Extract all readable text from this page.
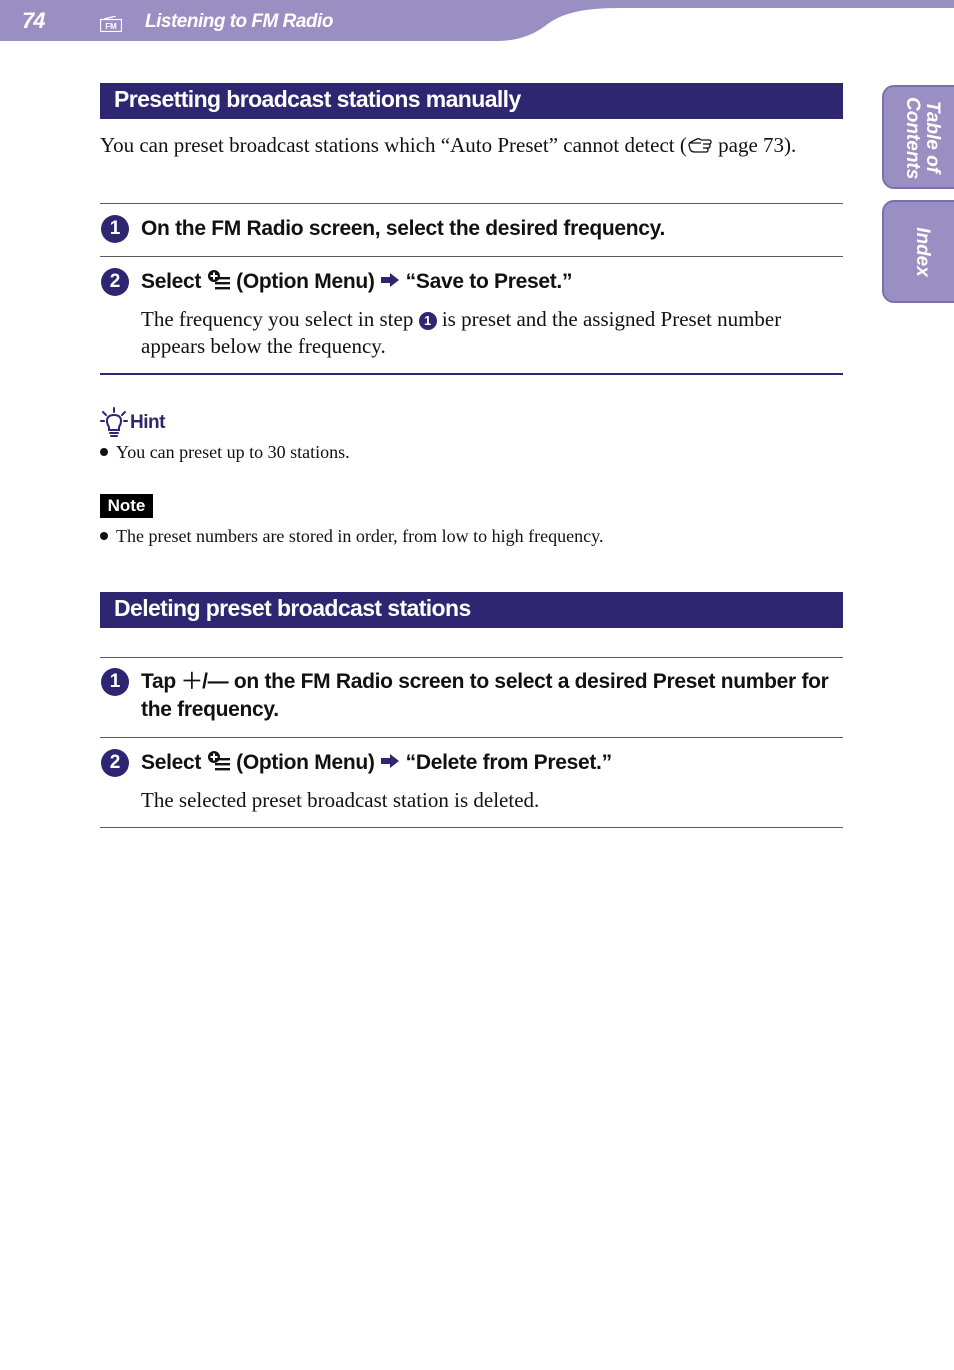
74	FM Listening to FM Radio
Table of Contents
Index
Presetting broadcast stations manually
You can preset broadcast stations which “Auto Preset” cannot detect ( page 73).
1 On the FM Radio screen, select the desired frequency.
2 Select (Option Menu) “Save to Preset.”
The frequency you select in step 1 is preset and the assigned Preset number appears below the frequency.
Hint
You can preset up to 30 stations.
Note
The preset numbers are stored in order, from low to high frequency.
Deleting preset broadcast stations
1 Tap ＋/— on the FM Radio screen to select a desired Preset number for the frequency.
2 Select (Option Menu) “Delete from Preset.”
The selected preset broadcast station is deleted.
